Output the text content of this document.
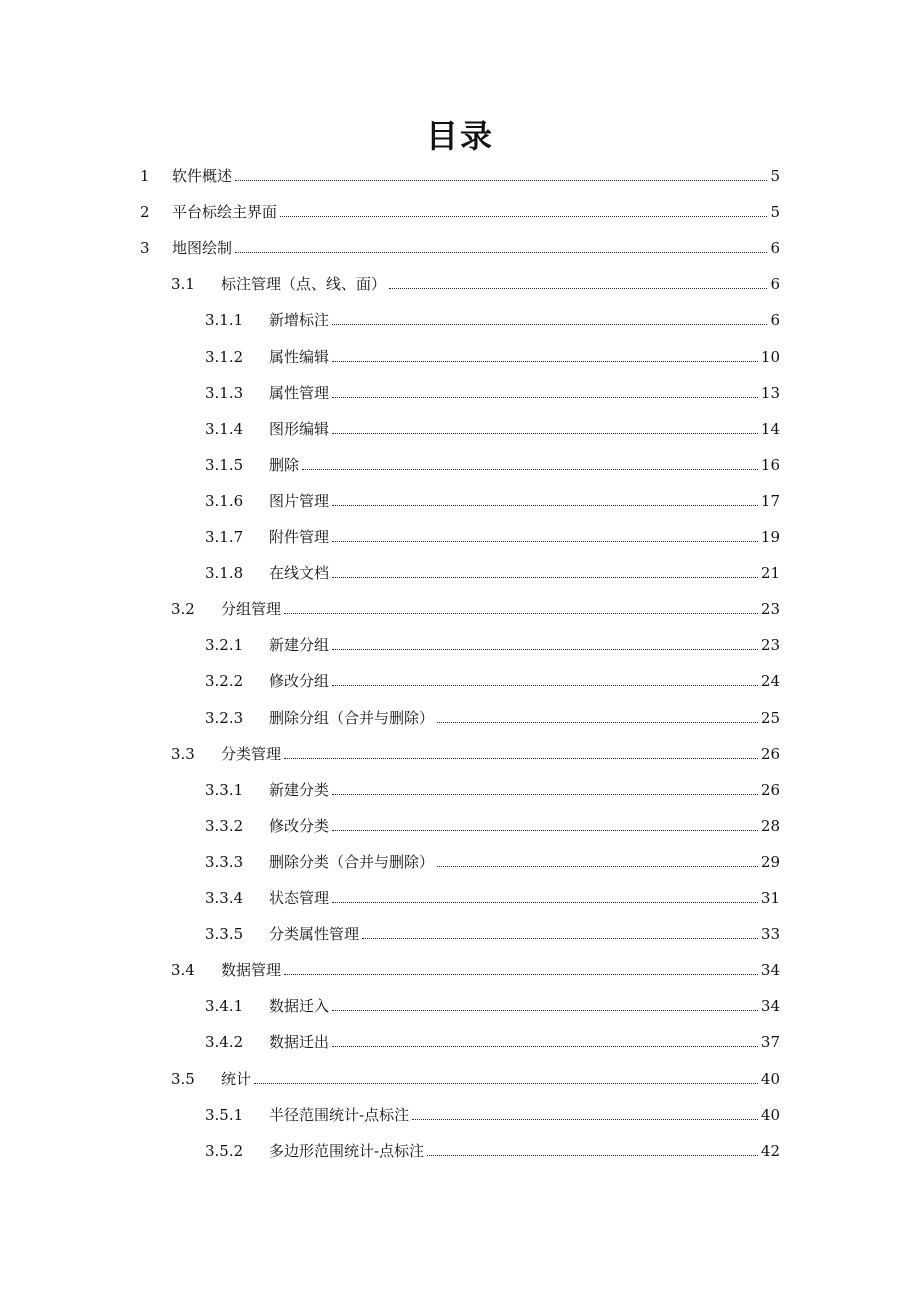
目录
1	软件概述	5
2	平台标绘主界面	5
3	地图绘制	6
3.1	标注管理（点、线、面）	6
3.1.1	新增标注	6
3.1.2	属性编辑	10
3.1.3	属性管理	13
3.1.4	图形编辑	14
3.1.5	删除	16
3.1.6	图片管理	17
3.1.7	附件管理	19
3.1.8	在线文档	21
3.2	分组管理	23
3.2.1	新建分组	23
3.2.2	修改分组	24
3.2.3	删除分组（合并与删除）	25
3.3	分类管理	26
3.3.1	新建分类	26
3.3.2	修改分类	28
3.3.3	删除分类（合并与删除）	29
3.3.4	状态管理	31
3.3.5	分类属性管理	33
3.4	数据管理	34
3.4.1	数据迁入	34
3.4.2	数据迁出	37
3.5	统计	40
3.5.1	半径范围统计-点标注	40
3.5.2	多边形范围统计-点标注	42
